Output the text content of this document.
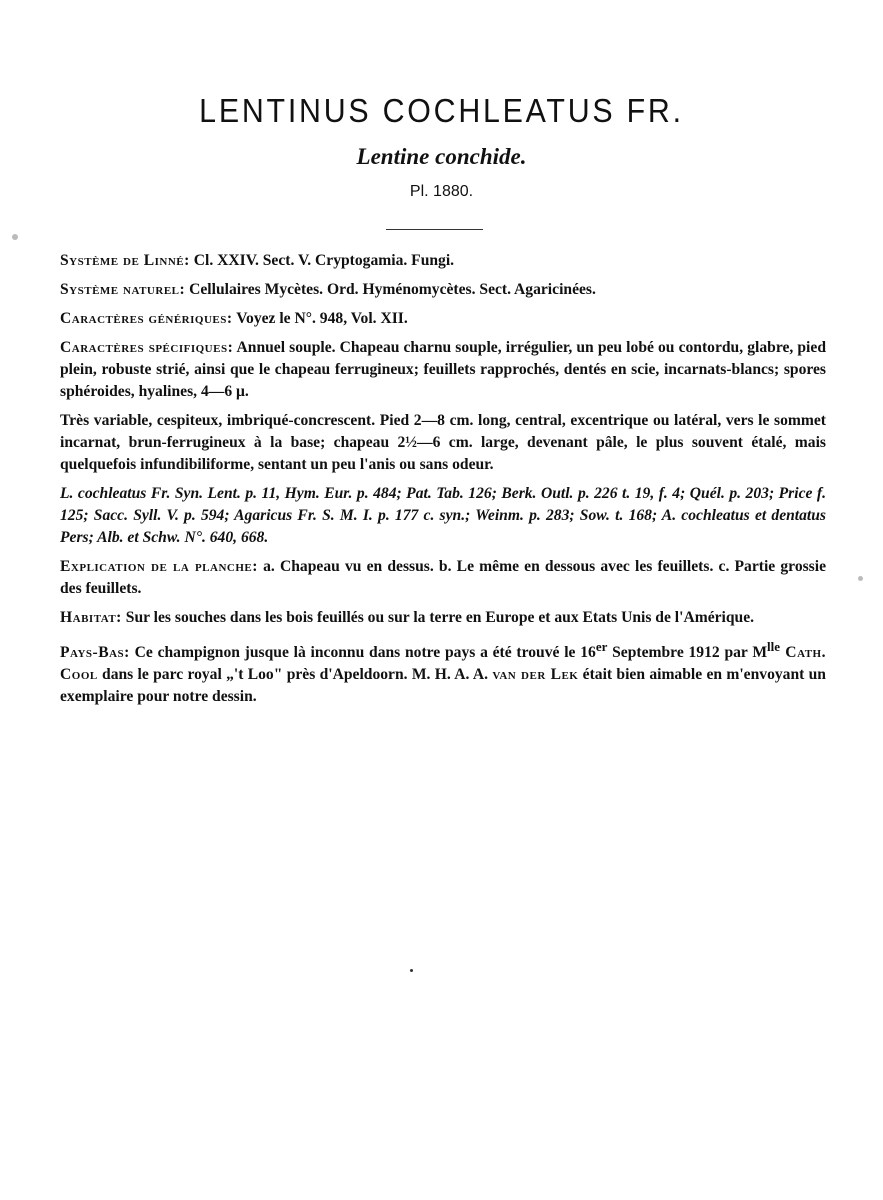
LENTINUS COCHLEATUS FR.
Lentine conchide.
Pl. 1880.

Système de Linné: Cl. XXIV. Sect. V. Cryptogamia. Fungi.

Système naturel: Cellulaires Mycètes. Ord. Hyménomycètes. Sect. Agaricinées.

Caractères génériques: Voyez le N°. 948, Vol. XII.

Caractères spécifiques: Annuel souple. Chapeau charnu souple, irrégulier, un peu lobé ou contordu, glabre, pied plein, robuste strié, ainsi que le chapeau ferrugineux; feuillets rapprochés, dentés en scie, incarnats-blancs; spores sphéroides, hyalines, 4—6 μ.

Très variable, cespiteux, imbriqué-concrescent. Pied 2—8 cm. long, central, excentrique ou latéral, vers le sommet incarnat, brun-ferrugineux à la base; chapeau 2½—6 cm. large, devenant pâle, le plus souvent étalé, mais quelquefois infundibiliforme, sentant un peu l'anis ou sans odeur.

L. cochleatus Fr. Syn. Lent. p. 11, Hym. Eur. p. 484; Pat. Tab. 126; Berk. Outl. p. 226 t. 19, f. 4; Quél. p. 203; Price f. 125; Sacc. Syll. V. p. 594; Agaricus Fr. S. M. I. p. 177 c. syn.; Weinm. p. 283; Sow. t. 168; A. cochleatus et dentatus Pers; Alb. et Schw. N°. 640, 668.

Explication de la planche: a. Chapeau vu en dessus. b. Le même en dessous avec les feuillets. c. Partie grossie des feuillets.

Habitat: Sur les souches dans les bois feuillés ou sur la terre en Europe et aux Etats Unis de l'Amérique.

Pays-Bas: Ce champignon jusque là inconnu dans notre pays a été trouvé le 16er Septembre 1912 par $M^{lle}$ Cath. Cool dans le parc royal „'t Loo" près d'Apeldoorn. M. H. A. A. van der Lek était bien aimable en m'envoyant un exemplaire pour notre dessin.
